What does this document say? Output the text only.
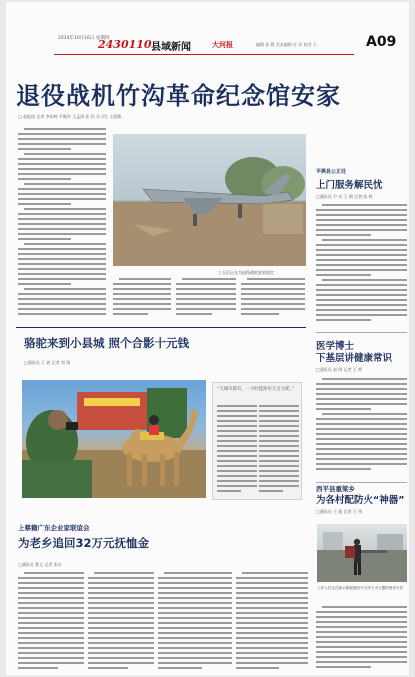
2014年10月16日 星期四
2430110 县域新闻	大河报	编辑 张 静 美术编辑 任 洋 校对 王	A09
退役战机竹沟革命纪念馆安家
□ 赵振国 记者 李东辉 平衡洋 王孟涛 张 怀 实习生 王凯歌
工人们正在为退役战机安装固定
平舆县公正处
上门服务解民忧
□通讯员 尹 光 王 朝 记者 陈 辉
医学博士
下基层讲健康常识
□通讯员 赵 明 记者 王 辉
西平县重梁乡
为各村配防火“神器”
□通讯员 王 超 记者 王 伟
工作人员正在演示新配备的灭火风力灭火器的使用方法
骆驼来到小县城 照个合影十元钱
□通讯员 王 波 记者 刘 翔
“大城市都有，一小时能挣好几百元呢。”
上蔡籍广东企业家联谊会
为老乡追回32万元抚恤金
□通讯员 曹文 记者 张东
